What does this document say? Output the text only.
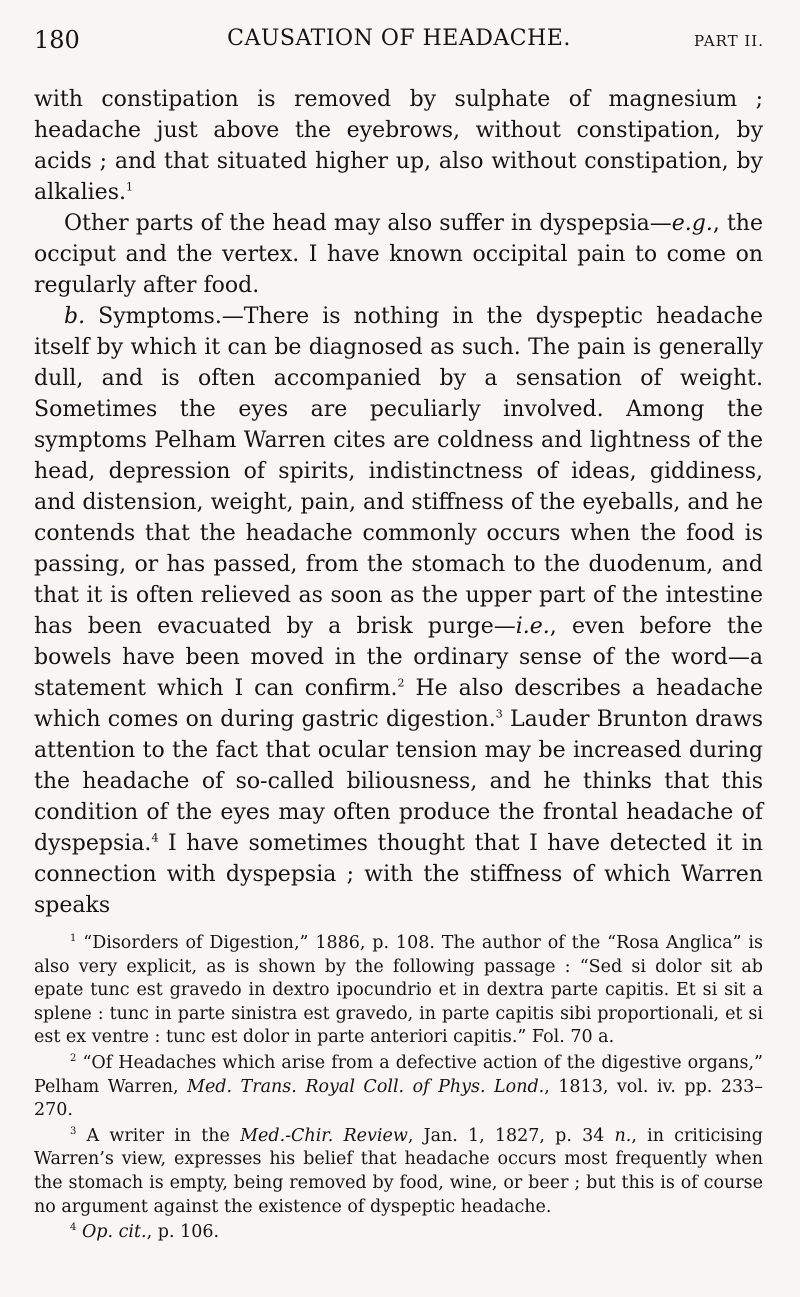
180	CAUSATION OF HEADACHE.	PART II.

with constipation is removed by sulphate of magnesium ; headache just above the eyebrows, without constipation, by acids ; and that situated higher up, also without constipation, by alkalies.$^1$

Other parts of the head may also suffer in dyspepsia—e.g., the occiput and the vertex. I have known occipital pain to come on regularly after food.

b. Symptoms.—There is nothing in the dyspeptic headache itself by which it can be diagnosed as such. The pain is generally dull, and is often accompanied by a sensation of weight. Sometimes the eyes are peculiarly involved. Among the symptoms Pelham Warren cites are coldness and lightness of the head, depression of spirits, indistinctness of ideas, giddiness, and distension, weight, pain, and stiffness of the eyeballs, and he contends that the headache commonly occurs when the food is passing, or has passed, from the stomach to the duodenum, and that it is often relieved as soon as the upper part of the intestine has been evacuated by a brisk purge—i.e., even before the bowels have been moved in the ordinary sense of the word—a statement which I can confirm.$^2$ He also describes a headache which comes on during gastric digestion.$^3$ Lauder Brunton draws attention to the fact that ocular tension may be increased during the headache of so-called biliousness, and he thinks that this condition of the eyes may often produce the frontal headache of dyspepsia.$^4$ I have sometimes thought that I have detected it in connection with dyspepsia ; with the stiffness of which Warren speaks

$^1$ “Disorders of Digestion,” 1886, p. 108. The author of the “Rosa Anglica” is also very explicit, as is shown by the following passage : “Sed si dolor sit ab epate tunc est gravedo in dextro ipocundrio et in dextra parte capitis. Et si sit a splene : tunc in parte sinistra est gravedo, in parte capitis sibi proportionali, et si est ex ventre : tunc est dolor in parte anteriori capitis.” Fol. 70 a.

$^2$ “Of Headaches which arise from a defective action of the digestive organs,” Pelham Warren, Med. Trans. Royal Coll. of Phys. Lond., 1813, vol. iv. pp. 233–270.

$^3$ A writer in the Med.-Chir. Review, Jan. 1, 1827, p. 34 n., in criticising Warren’s view, expresses his belief that headache occurs most frequently when the stomach is empty, being removed by food, wine, or beer ; but this is of course no argument against the existence of dyspeptic headache.

$^4$ Op. cit., p. 106.
